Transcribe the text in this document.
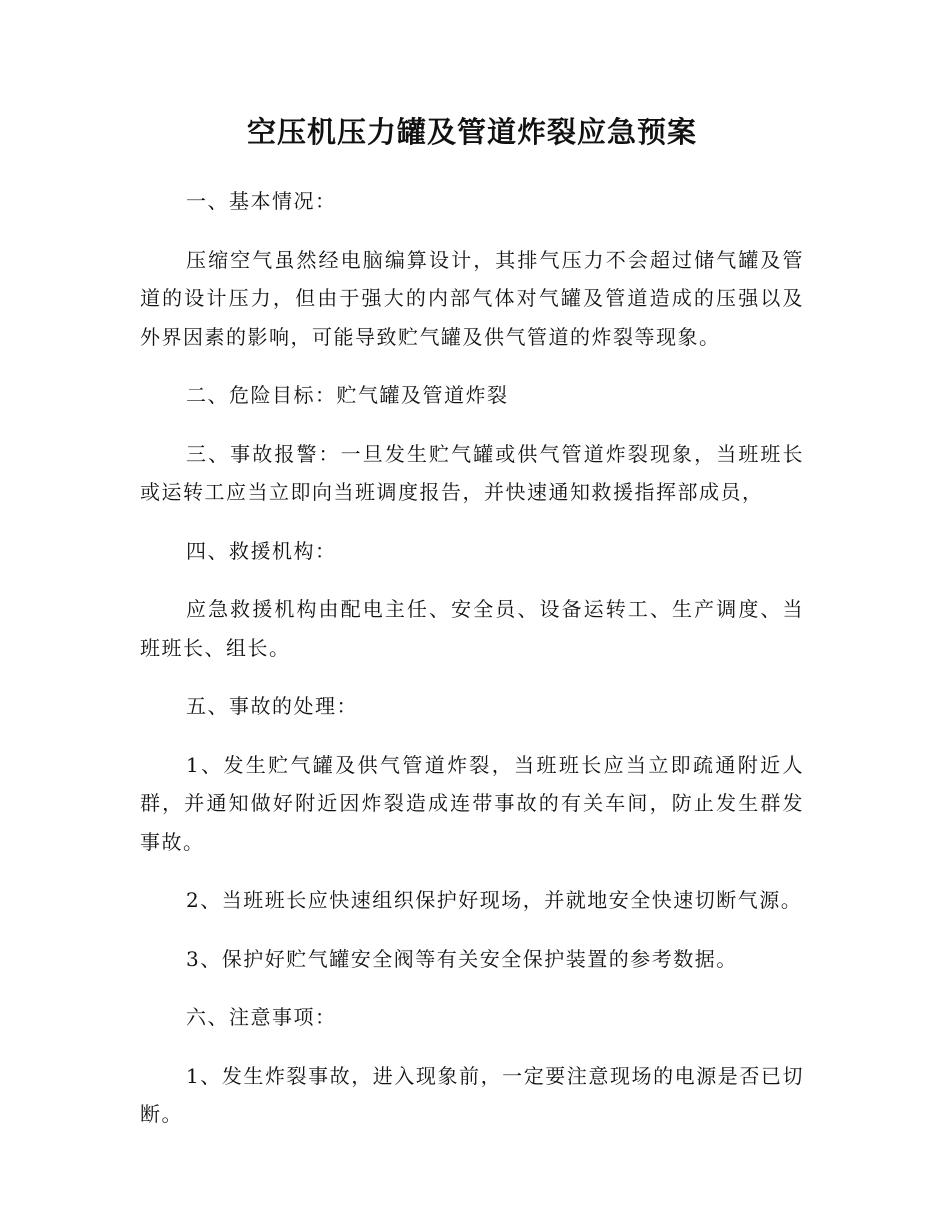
空压机压力罐及管道炸裂应急预案

一、基本情况：

压缩空气虽然经电脑编算设计，其排气压力不会超过储气罐及管道的设计压力，但由于强大的内部气体对气罐及管道造成的压强以及外界因素的影响，可能导致贮气罐及供气管道的炸裂等现象。

二、危险目标：贮气罐及管道炸裂

三、事故报警：一旦发生贮气罐或供气管道炸裂现象，当班班长或运转工应当立即向当班调度报告，并快速通知救援指挥部成员，

四、救援机构：

应急救援机构由配电主任、安全员、设备运转工、生产调度、当班班长、组长。

五、事故的处理：

1、发生贮气罐及供气管道炸裂，当班班长应当立即疏通附近人群，并通知做好附近因炸裂造成连带事故的有关车间，防止发生群发事故。

2、当班班长应快速组织保护好现场，并就地安全快速切断气源。

3、保护好贮气罐安全阀等有关安全保护装置的参考数据。

六、注意事项：

1、发生炸裂事故，进入现象前，一定要注意现场的电源是否已切断。
